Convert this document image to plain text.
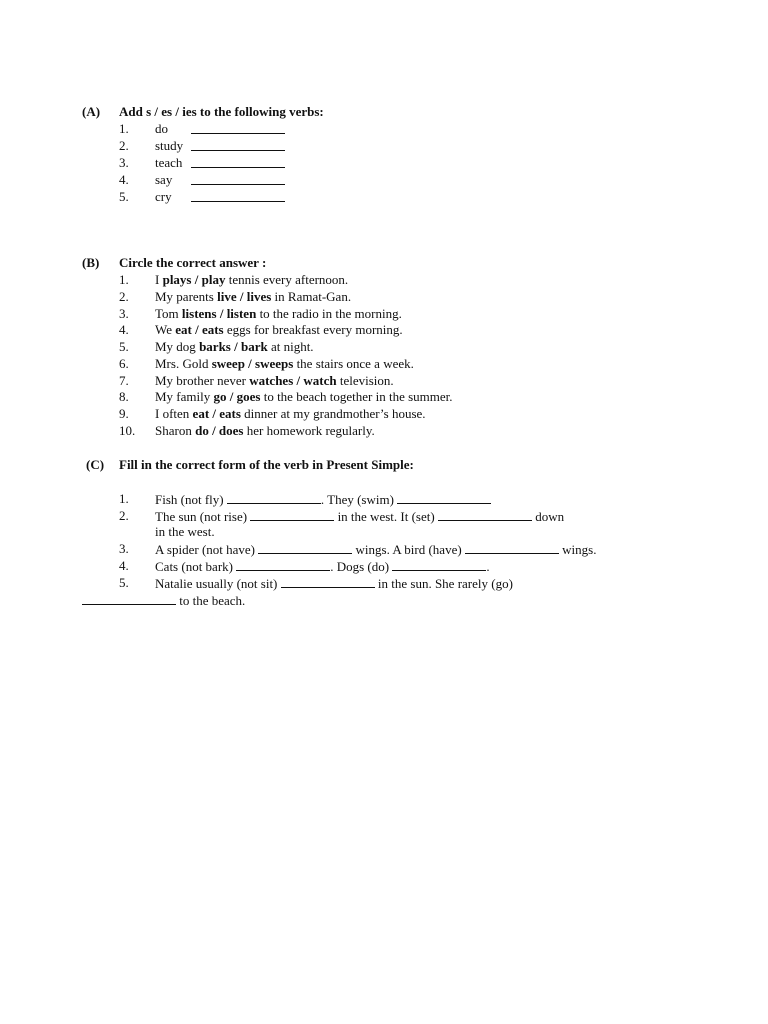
(A) Add s / es / ies to the following verbs:
1. do
2. study
3. teach
4. say
5. cry
(B) Circle the correct answer :
1. I plays / play tennis every afternoon.
2. My parents live / lives in Ramat-Gan.
3. Tom listens / listen to the radio in the morning.
4. We eat / eats eggs for breakfast every morning.
5. My dog barks / bark at night.
6. Mrs. Gold sweep / sweeps the stairs once a week.
7. My brother never watches / watch television.
8. My family go / goes to the beach together in the summer.
9. I often eat / eats dinner at my grandmother’s house.
10. Sharon do / does her homework regularly.
(C) Fill in the correct form of the verb in Present Simple:
1. Fish (not fly)	. They (swim)
2. The sun (not rise)	in the west. It (set)	down
in the west.
3. A spider (not have)	wings. A bird (have)	wings.
4. Cats (not bark)	. Dogs (do)	.
5. Natalie usually (not sit)	in the sun. She rarely (go)
to the beach.
